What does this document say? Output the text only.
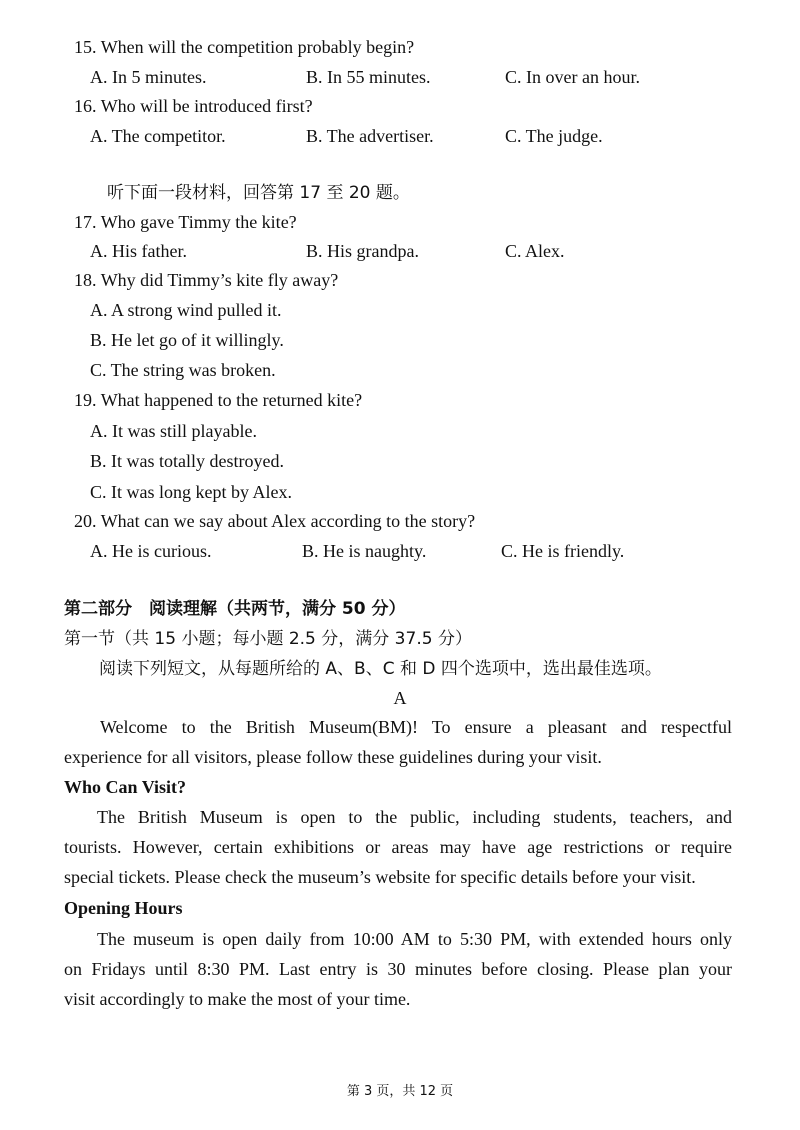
15. When will the competition probably begin?
A. In 5 minutes.	B. In 55 minutes.	C. In over an hour.
16. Who will be introduced first?
A. The competitor.	B. The advertiser.	C. The judge.
听下面一段材料，回答第 17 至 20 题。
17. Who gave Timmy the kite?
A. His father.	B. His grandpa.	C. Alex.
18. Why did Timmy’s kite fly away?
A. A strong wind pulled it.
B. He let go of it willingly.
C. The string was broken.
19. What happened to the returned kite?
A. It was still playable.
B. It was totally destroyed.
C. It was long kept by Alex.
20. What can we say about Alex according to the story?
A. He is curious.	B. He is naughty.	C. He is friendly.
第二部分　阅读理解（共两节，满分 50 分）
第一节（共 15 小题；每小题 2.5 分，满分 37.5 分）
阅读下列短文，从每题所给的 A、B、C 和 D 四个选项中，选出最佳选项。
A
Welcome to the British Museum(BM)! To ensure a pleasant and respectful
experience for all visitors, please follow these guidelines during your visit.
Who Can Visit?
The British Museum is open to the public, including students, teachers, and
tourists. However, certain exhibitions or areas may have age restrictions or require
special tickets. Please check the museum’s website for specific details before your visit.
Opening Hours
The museum is open daily from 10:00 AM to 5:30 PM, with extended hours only
on Fridays until 8:30 PM. Last entry is 30 minutes before closing. Please plan your
visit accordingly to make the most of your time.
第 3 页，共 12 页
